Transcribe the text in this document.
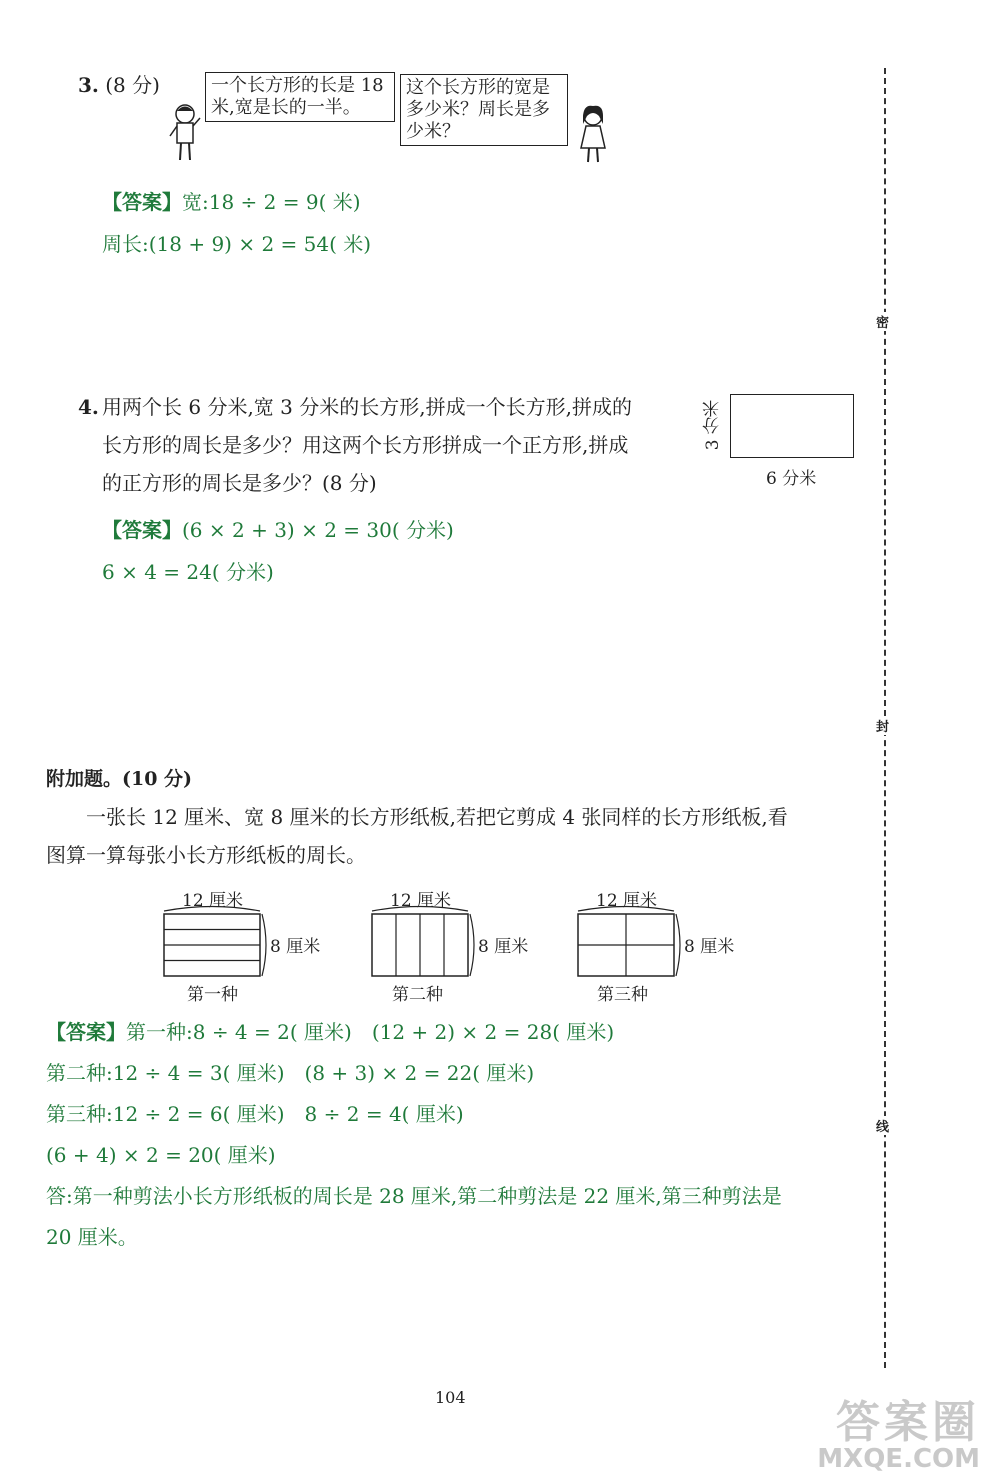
3. (8 分)	一个长方形的长是 18
米,宽是长的一半。
这个长方形的宽是
多少米？周长是多
少米？
【答案】宽:18 ÷ 2 = 9( 米)
周长:(18 + 9) × 2 = 54( 米)
4. 用两个长 6 分米,宽 3 分米的长方形,拼成一个长方形,拼成的
长方形的周长是多少？用这两个长方形拼成一个正方形,拼成
的正方形的周长是多少？(8 分)
3 分米
6 分米
【答案】(6 × 2 + 3) × 2 = 30( 分米)
6 × 4 = 24( 分米)
附加题。(10 分)
一张长 12 厘米、宽 8 厘米的长方形纸板,若把它剪成 4 张同样的长方形纸板,看
图算一算每张小长方形纸板的周长。
12 厘米
8 厘米
第一种
12 厘米
8 厘米
第二种
12 厘米
8 厘米
第三种
【答案】第一种:8 ÷ 4 = 2( 厘米)　(12 + 2) × 2 = 28( 厘米)
第二种:12 ÷ 4 = 3( 厘米)　(8 + 3) × 2 = 22( 厘米)
第三种:12 ÷ 2 = 6( 厘米)　8 ÷ 2 = 4( 厘米)
(6 + 4) × 2 = 20( 厘米)
答:第一种剪法小长方形纸板的周长是 28 厘米,第二种剪法是 22 厘米,第三种剪法是
20 厘米。
密
封
线
104	答案圈
MXQE.COM
